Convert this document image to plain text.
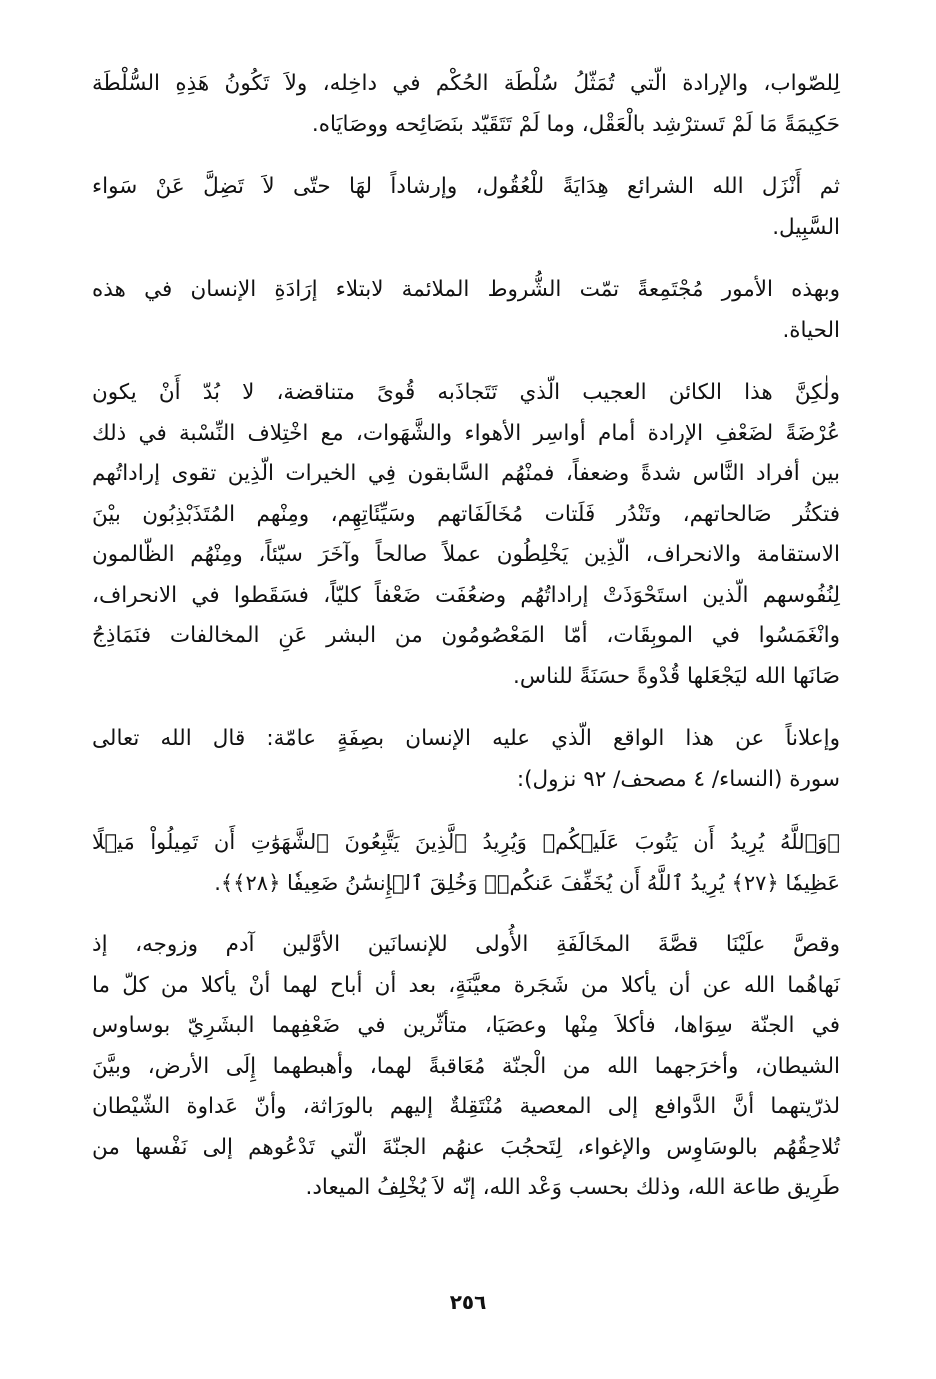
لِلصّواب، والإرادة الّتي تُمَثّلُ سُلْطَة الحُكْم في داخِله، ولاَ تَكُونُ هَذِهِ السُّلْطَة
حَكِيمَةً مَا لَمْ تَسترْشِد بالْعَقْل، وما لَمْ تَتَقَيّد بنَصَائِحه ووصَايَاه.
ثم أَنْزَل الله الشرائع هِدَايَةً للْعُقُول، وإرشاداً لهَا حتّى لاَ تَضِلَّ عَنْ سَواء
السَّبِيل.
وبهذه الأمور مُجْتَمِعةً تمّت الشُّروط الملائمة لابتلاء إرَادَةِ الإنسان في هذه
الحياة.
ولٰكِنَّ هذا الكائن العجيب الّذي تَتَجاذَبه قُوىً متناقضة، لا بُدّ أَنْ يكون
عُرْضَةً لضَعْفِ الإرادة أمام أواسِر الأهواء والشَّهَوات، مع اخْتِلاف النِّسْبة في ذلك
بين أفراد النَّاس شدةً وضعفاً، فمنْهُم السَّابقون فِي الخيرات الّذِين تقوى إراداتُهم
فتكثُر صَالحاتهم، وتَنْدُر فَلَتات مُخَالَفَاتهم وسَيِّئَاتِهِم، ومِنْهم المُتَذَبْذِبُون بيْنَ
الاستقامة والانحراف، الّذِين يَخْلِطُون عملاً صالحاً وآخَرَ سيّئاً، ومِنْهُم الظّالمون
لِنُفُوسهم الّذين استَحْوَذَتْ إراداتُهُم وضعُفَت ضَعْفاً كليّاً، فسَقَطوا في الانحراف،
وانْغَمَسُوا في الموبِقَات، أمّا المَعْصُومُون من البشر عَنِ المخالفات فنَمَاذِجُ
صَانَها الله ليَجْعَلها قُدْوةً حسَنَةً للناس.
وإعلاناً عن هذا الواقع الّذي عليه الإنسان بصِفَةٍ عامّة: قال الله تعالى
سورة (النساء/ ٤ مصحف/ ٩٢ نزول):
﴿وَٱللَّهُ يُرِيدُ أَن يَتُوبَ عَلَيۡكُمۡ وَيُرِيدُ ٱلَّذِينَ يَتَّبِعُونَ ٱلشَّهَوَٰتِ أَن تَمِيلُواْ مَيۡلًا
عَظِيمٗا ﴿٢٧﴾ يُرِيدُ ٱللَّهُ أَن يُخَفِّفَ عَنكُمۡۚ وَخُلِقَ ٱلۡإِنسَٰنُ ضَعِيفٗا ﴿٢٨﴾﴾.
وقصَّ علَيْنَا قصَّةَ المخَالَفَةِ الأُولى للإنسانَين الأوَّلين آدم وزوجه، إذ
نَهاهُما الله عن أن يأكلا من شَجَرة معيَّنَةٍ، بعد أن أباح لهما أنْ يأكلا من كلّ ما
في الجنّة سِوَاها، فأكلاَ مِنْها وعصَيَا، متأثّرين في ضَعْفِهما البشَرِيّ بوساوس
الشيطان، وأخرَجهما الله من الْجنّة مُعَاقبةً لهما، وأهبطهما إِلَى الأرض، وبيَّنَ
لذرّيتهما أنَّ الدَّوافع إلى المعصية مُنْتَقِلةٌ إليهم بالورَاثة، وأنّ عَداوة الشّيْطان
تُلاحِقُهُم بالوسَاوِس والإغواء، لِتَحجُبَ عنهُم الجنّةَ الّتي تَدْعُوهم إلى نَفْسها من
طَرِيق طاعة الله، وذلك بحسب وَعْد الله، إنّه لاَ يُخْلِفُ الميعاد.
٢٥٦
